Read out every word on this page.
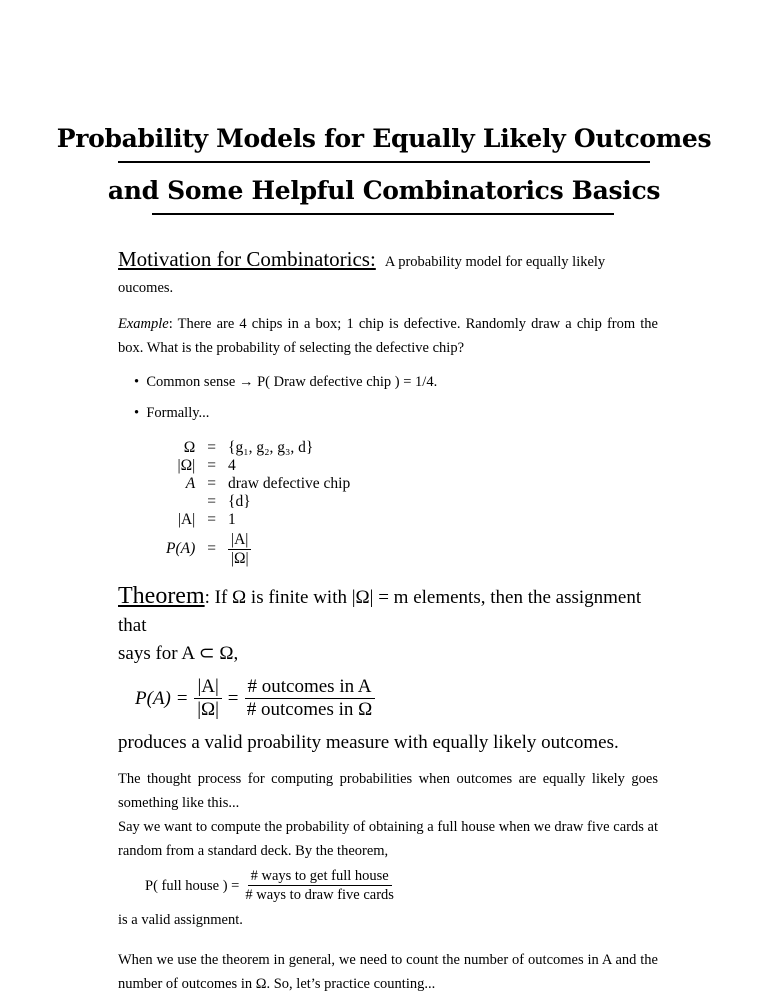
Probability Models for Equally Likely Outcomes
and Some Helpful Combinatorics Basics
Motivation for Combinatorics: A probability model for equally likely oucomes.
Example: There are 4 chips in a box; 1 chip is defective. Randomly draw a chip from the box. What is the probability of selecting the defective chip?
•  Common sense → P( Draw defective chip ) = 1/4.
•  Formally...
Ω	=	{g₁, g₂, g₃, d}
|Ω|	=	4
A	=	draw defective chip
	=	{d}
|A|	=	1
P(A)	=	$\frac{|A|}{|\Omega|}$
Theorem: If Ω is finite with |Ω| = m elements, then the assignment that
says for A ⊂ Ω,
$P(A) = \frac{|A|}{|\Omega|} = \frac{\text{\# outcomes in A}}{\text{\# outcomes in Ω}}$
produces a valid proability measure with equally likely outcomes.
The thought process for computing probabilities when outcomes are equally likely goes something like this...
Say we want to compute the probability of obtaining a full house when we draw five cards at random from a standard deck. By the theorem,
P( full house ) = $\frac{\text{\# ways to get full house}}{\text{\# ways to draw five cards}}$
is a valid assignment.
When we use the theorem in general, we need to count the number of outcomes in A and the number of outcomes in Ω. So, let’s practice counting...
